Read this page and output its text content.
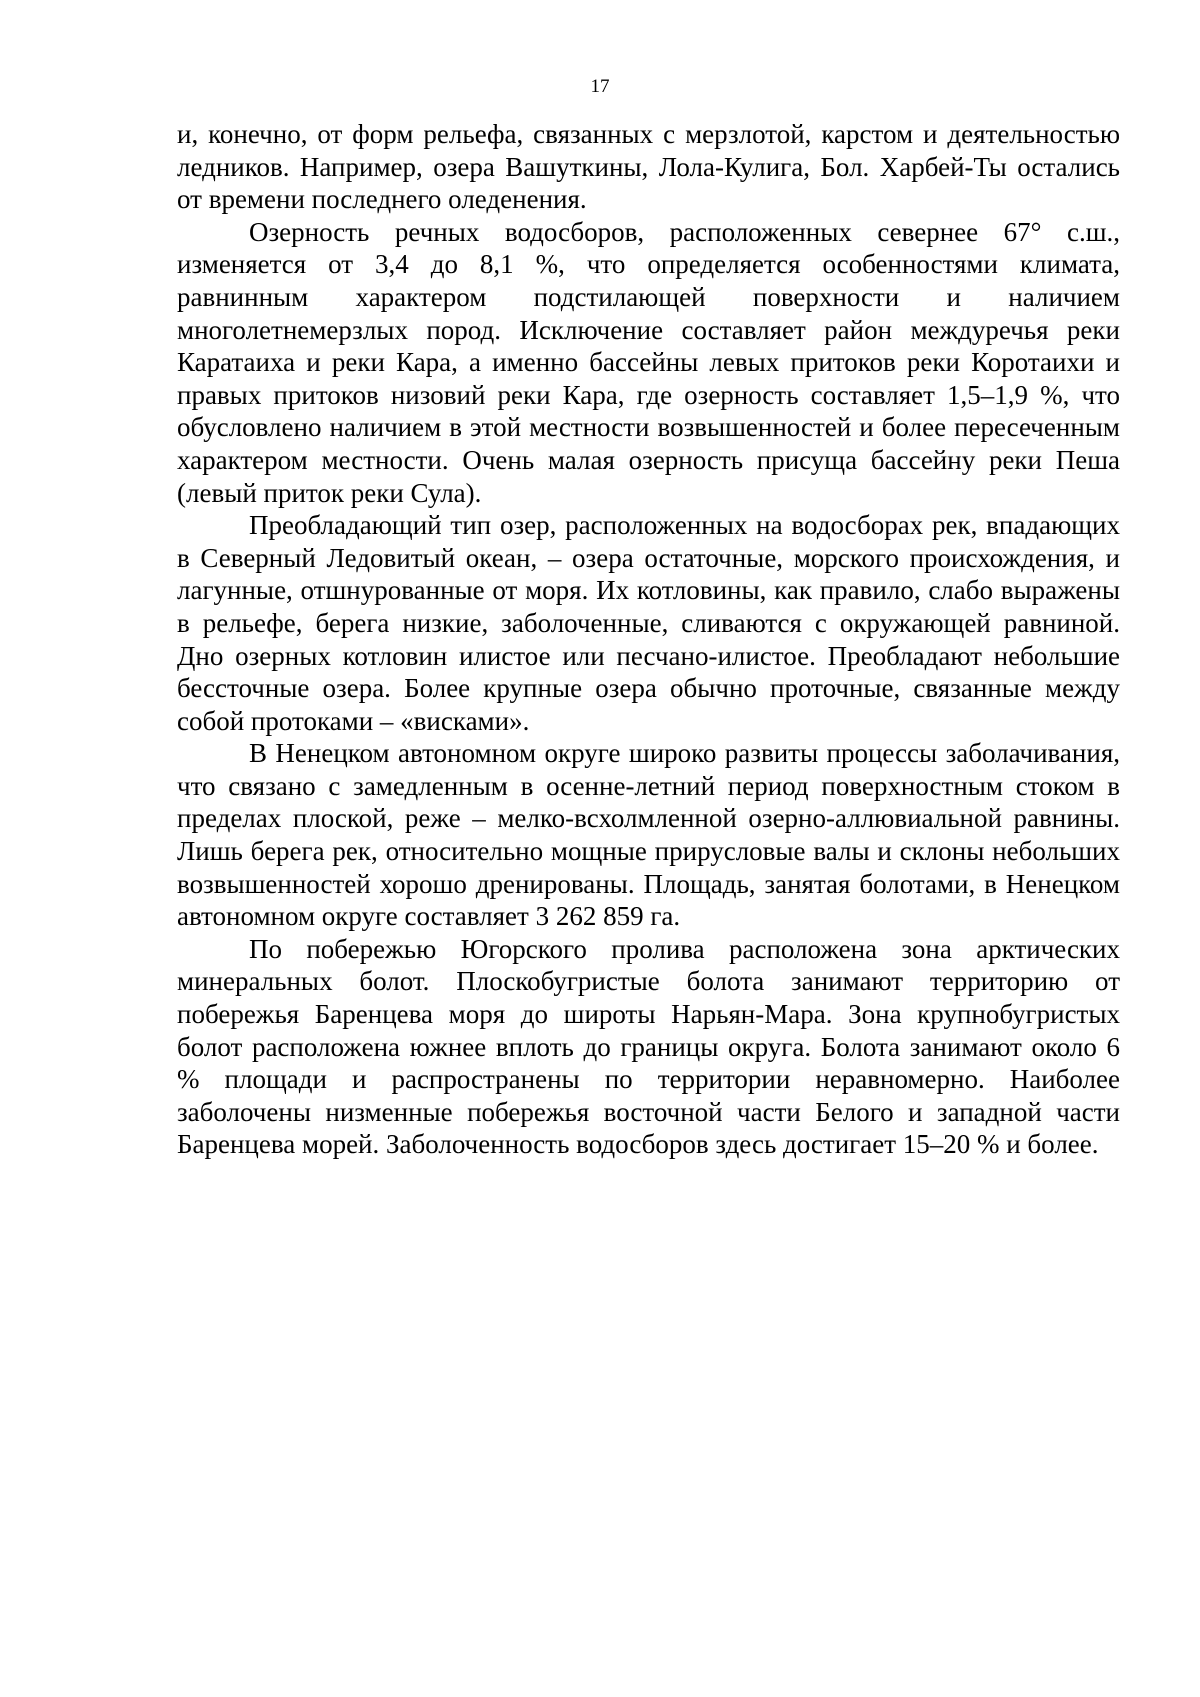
17

и, конечно, от форм рельефа, связанных с мерзлотой, карстом и деятельностью ледников. Например, озера Вашуткины, Лола-Кулига, Бол. Харбей-Ты остались от времени последнего оледенения.

Озерность речных водосборов, расположенных севернее 67° с.ш., изменяется от 3,4 до 8,1 %, что определяется особенностями климата, равнинным характером подстилающей поверхности и наличием многолетнемерзлых пород. Исключение составляет район междуречья реки Каратаиха и реки Кара, а именно бассейны левых притоков реки Коротаихи и правых притоков низовий реки Кара, где озерность составляет 1,5–1,9 %, что обусловлено наличием в этой местности возвышенностей и более пересеченным характером местности. Очень малая озерность присуща бассейну реки Пеша (левый приток реки Сула).

Преобладающий тип озер, расположенных на водосборах рек, впадающих в Северный Ледовитый океан, – озера остаточные, морского происхождения, и лагунные, отшнурованные от моря. Их котловины, как правило, слабо выражены в рельефе, берега низкие, заболоченные, сливаются с окружающей равниной. Дно озерных котловин илистое или песчано-илистое. Преобладают небольшие бессточные озера. Более крупные озера обычно проточные, связанные между собой протоками – «висками».

В Ненецком автономном округе широко развиты процессы заболачивания, что связано с замедленным в осенне-летний период поверхностным стоком в пределах плоской, реже – мелко-всхолмленной озерно-аллювиальной равнины. Лишь берега рек, относительно мощные прирусловые валы и склоны небольших возвышенностей хорошо дренированы. Площадь, занятая болотами, в Ненецком автономном округе составляет 3 262 859 га.

По побережью Югорского пролива расположена зона арктических минеральных болот. Плоскобугристые болота занимают территорию от побережья Баренцева моря до широты Нарьян-Мара. Зона крупнобугристых болот расположена южнее вплоть до границы округа. Болота занимают около 6 % площади и распространены по территории неравномерно. Наиболее заболочены низменные побережья восточной части Белого и западной части Баренцева морей. Заболоченность водосборов здесь достигает 15–20 % и более.
